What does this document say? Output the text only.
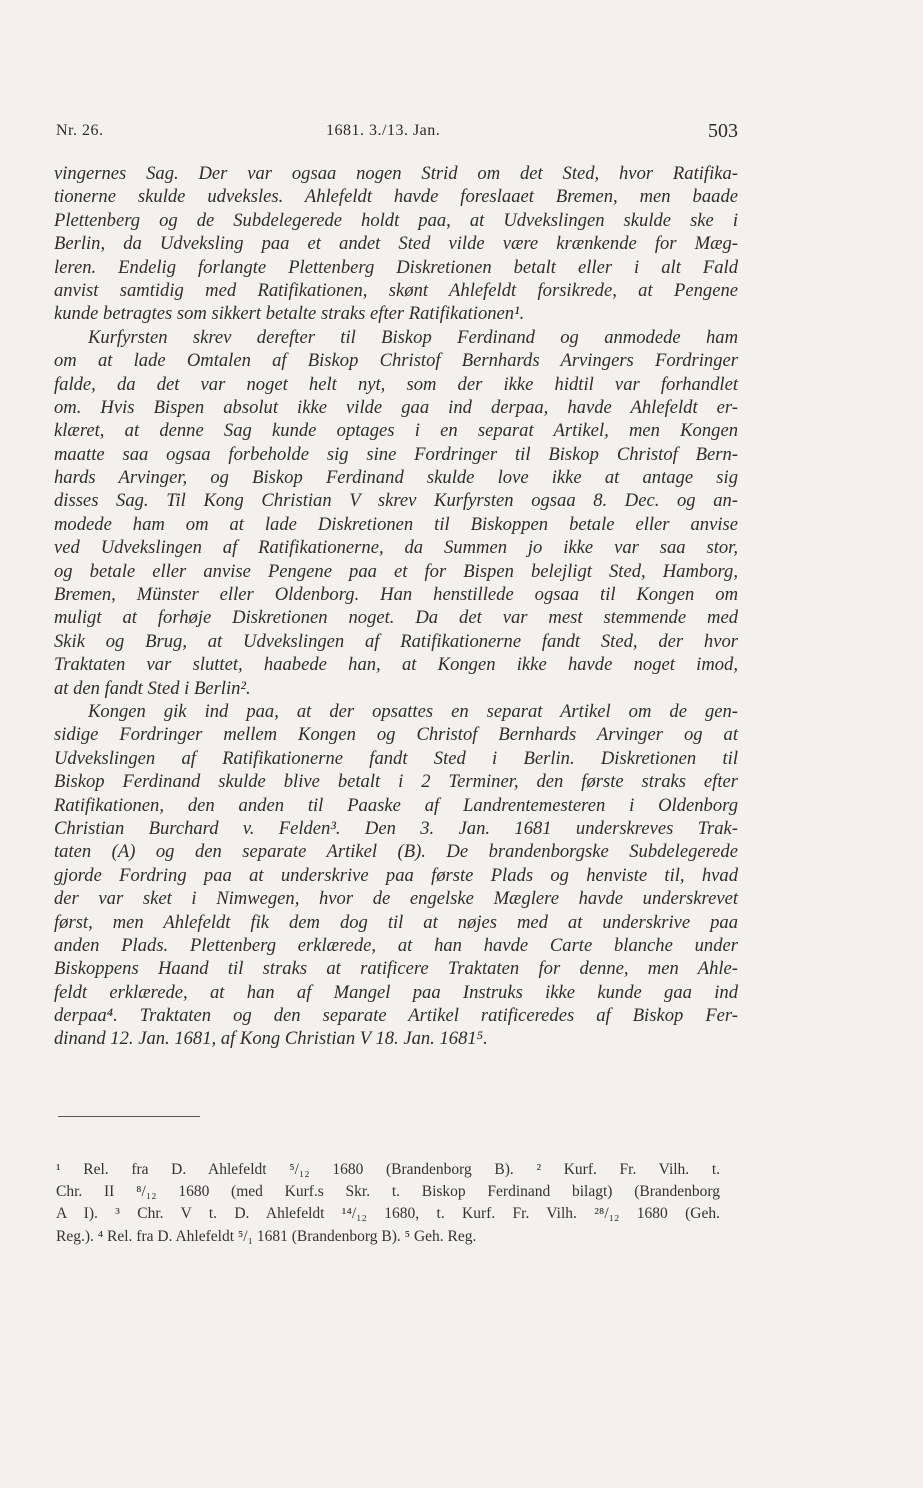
Nr. 26.	1681. 3./13. Jan.	503
vingernes Sag. Der var ogsaa nogen Strid om det Sted, hvor Ratifika-
tionerne skulde udveksles. Ahlefeldt havde foreslaaet Bremen, men baade
Plettenberg og de Subdelegerede holdt paa, at Udvekslingen skulde ske i
Berlin, da Udveksling paa et andet Sted vilde være krænkende for Mæg-
leren. Endelig forlangte Plettenberg Diskretionen betalt eller i alt Fald
anvist samtidig med Ratifikationen, skønt Ahlefeldt forsikrede, at Pengene
kunde betragtes som sikkert betalte straks efter Ratifikationen¹.
Kurfyrsten skrev derefter til Biskop Ferdinand og anmodede ham
om at lade Omtalen af Biskop Christof Bernhards Arvingers Fordringer
falde, da det var noget helt nyt, som der ikke hidtil var forhandlet
om. Hvis Bispen absolut ikke vilde gaa ind derpaa, havde Ahlefeldt er-
klæret, at denne Sag kunde optages i en separat Artikel, men Kongen
maatte saa ogsaa forbeholde sig sine Fordringer til Biskop Christof Bern-
hards Arvinger, og Biskop Ferdinand skulde love ikke at antage sig
disses Sag. Til Kong Christian V skrev Kurfyrsten ogsaa 8. Dec. og an-
modede ham om at lade Diskretionen til Biskoppen betale eller anvise
ved Udvekslingen af Ratifikationerne, da Summen jo ikke var saa stor,
og betale eller anvise Pengene paa et for Bispen belejligt Sted, Hamborg,
Bremen, Münster eller Oldenborg. Han henstillede ogsaa til Kongen om
muligt at forhøje Diskretionen noget. Da det var mest stemmende med
Skik og Brug, at Udvekslingen af Ratifikationerne fandt Sted, der hvor
Traktaten var sluttet, haabede han, at Kongen ikke havde noget imod,
at den fandt Sted i Berlin².
Kongen gik ind paa, at der opsattes en separat Artikel om de gen-
sidige Fordringer mellem Kongen og Christof Bernhards Arvinger og at
Udvekslingen af Ratifikationerne fandt Sted i Berlin. Diskretionen til
Biskop Ferdinand skulde blive betalt i 2 Terminer, den første straks efter
Ratifikationen, den anden til Paaske af Landrentemesteren i Oldenborg
Christian Burchard v. Felden³. Den 3. Jan. 1681 underskreves Trak-
taten (A) og den separate Artikel (B). De brandenborgske Subdelegerede
gjorde Fordring paa at underskrive paa første Plads og henviste til, hvad
der var sket i Nimwegen, hvor de engelske Mæglere havde underskrevet
først, men Ahlefeldt fik dem dog til at nøjes med at underskrive paa
anden Plads. Plettenberg erklærede, at han havde Carte blanche under
Biskoppens Haand til straks at ratificere Traktaten for denne, men Ahle-
feldt erklærede, at han af Mangel paa Instruks ikke kunde gaa ind
derpaa⁴. Traktaten og den separate Artikel ratificeredes af Biskop Fer-
dinand 12. Jan. 1681, af Kong Christian V 18. Jan. 1681⁵.
¹ Rel. fra D. Ahlefeldt ⁵/₁₂ 1680 (Brandenborg B). ² Kurf. Fr. Vilh. t.
Chr. II ⁸/₁₂ 1680 (med Kurf.s Skr. t. Biskop Ferdinand bilagt) (Brandenborg
A I). ³ Chr. V t. D. Ahlefeldt ¹⁴/₁₂ 1680, t. Kurf. Fr. Vilh. ²⁸/₁₂ 1680 (Geh.
Reg.). ⁴ Rel. fra D. Ahlefeldt ⁵/₁ 1681 (Brandenborg B). ⁵ Geh. Reg.
